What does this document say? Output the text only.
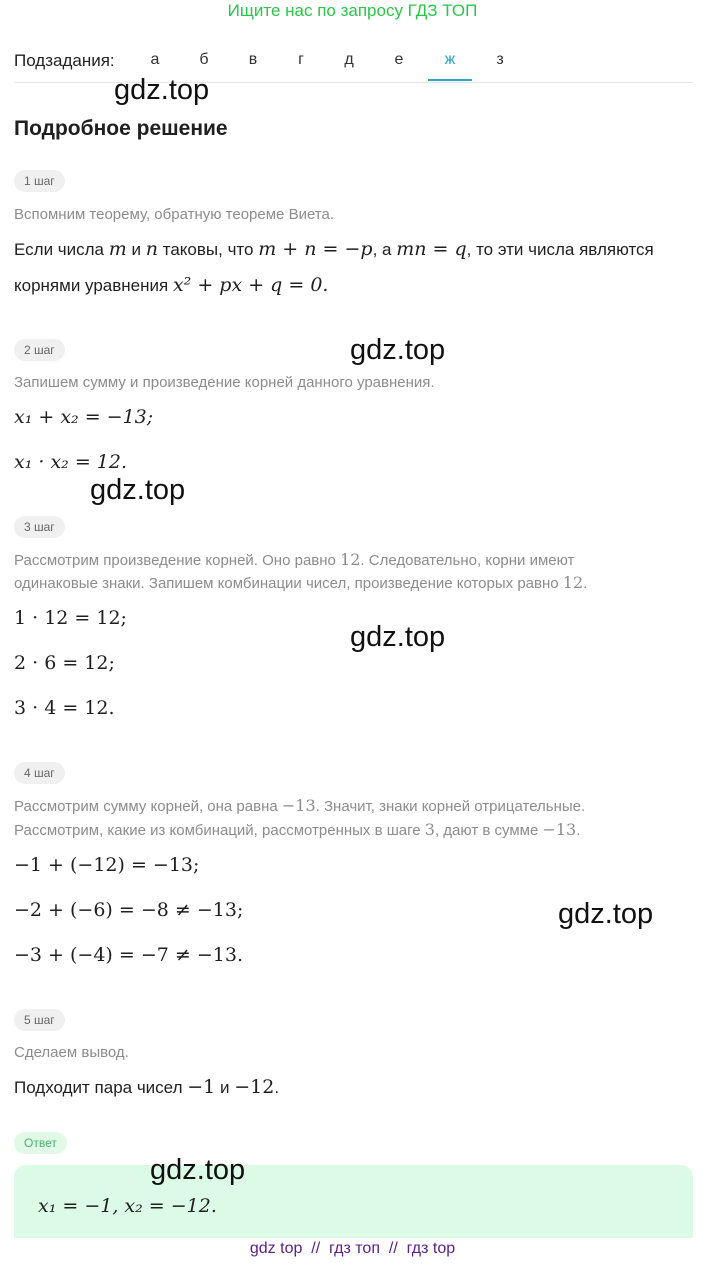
Ищите нас по запросу ГДЗ ТОП
Подзадания:	а	б	в	г	д	е	ж	з
gdz.top
Подробное решение
1 шаг
Вспомним теорему, обратную теореме Виета.
Если числа m и n таковы, что m + n = −p, а mn = q, то эти числа являются
корнями уравнения x² + px + q = 0.
2 шаг	gdz.top
Запишем сумму и произведение корней данного уравнения.
x₁ + x₂ = −13;
x₁ · x₂ = 12.
gdz.top
3 шаг
Рассмотрим произведение корней. Оно равно 12. Следовательно, корни имеют
одинаковые знаки. Запишем комбинации чисел, произведение которых равно 12.
1 · 12 = 12;
gdz.top
2 · 6 = 12;
3 · 4 = 12.
4 шаг
Рассмотрим сумму корней, она равна −13. Значит, знаки корней отрицательные.
Рассмотрим, какие из комбинаций, рассмотренных в шаге 3, дают в сумме −13.
−1 + (−12) = −13;
−2 + (−6) = −8 ≠ −13;	gdz.top
−3 + (−4) = −7 ≠ −13.
5 шаг
Сделаем вывод.
Подходит пара чисел −1 и −12.
Ответ
x₁ = −1, x₂ = −12.
gdz.top
gdz top  //  гдз топ  //  гдз top
